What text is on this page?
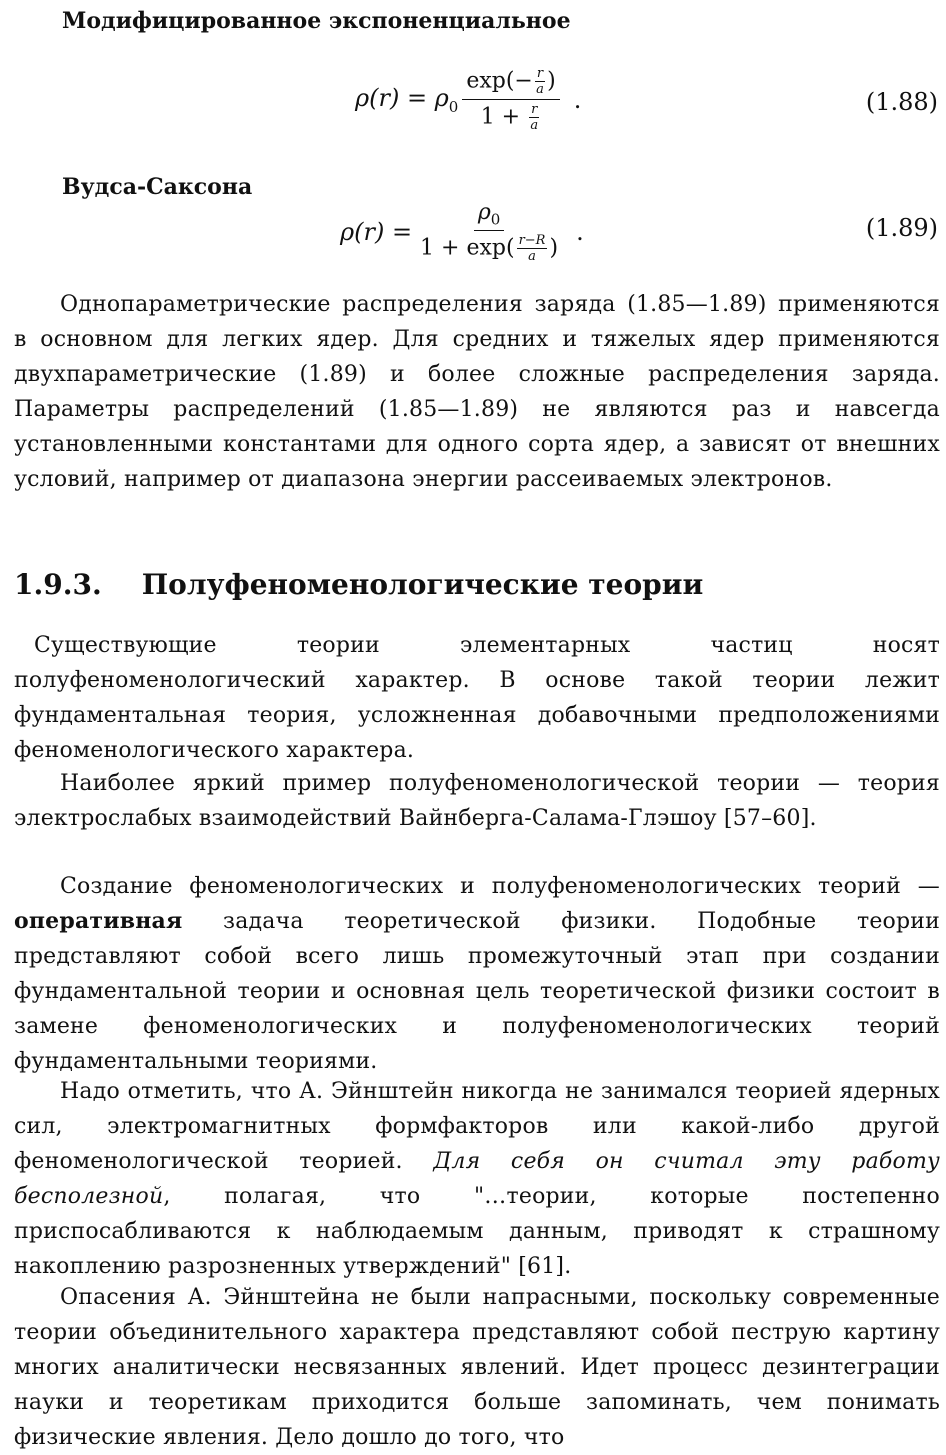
Модифицированное экспоненциальное
$\rho(r) = \rho_0 \frac{\exp(- \frac{r}{a} )}{1 + \frac{r}{a}}$ .	(1.88)
Вудса-Саксона
$\rho(r) = \frac{\rho_0}{1 + \exp( \frac{r-R}{a} )}$ .	(1.89)
Однопараметрические распределения заряда (1.85—1.89) применяются в основном для легких ядер. Для средних и тяжелых ядер применяются двухпараметрические (1.89) и более сложные распределения заряда. Параметры распределений (1.85—1.89) не являются раз и навсегда установленными константами для одного сорта ядер, а зависят от внешних условий, например от диапазона энергии рассеиваемых электронов.
1.9.3. Полуфеноменологические теории
Существующие теории элементарных частиц носят полуфеноменологический характер. В основе такой теории лежит фундаментальная теория, усложненная добавочными предположениями феноменологического характера.
Наиболее яркий пример полуфеноменологической теории — теория электрослабых взаимодействий Вайнберга-Салама-Глэшоу [57–60].
Создание феноменологических и полуфеноменологических теорий — оперативная задача теоретической физики. Подобные теории представляют собой всего лишь промежуточный этап при создании фундаментальной теории и основная цель теоретической физики состоит в замене феноменологических и полуфеноменологических теорий фундаментальными теориями.
Надо отметить, что А. Эйнштейн никогда не занимался теорией ядерных сил, электромагнитных формфакторов или какой-либо другой феноменологической теорией. Для себя он считал эту работу бесполезной, полагая, что "…теории, которые постепенно приспосабливаются к наблюдаемым данным, приводят к страшному накоплению разрозненных утверждений" [61].
Опасения А. Эйнштейна не были напрасными, поскольку современные теории объединительного характера представляют собой пеструю картину многих аналитически несвязанных явлений. Идет процесс дезинтеграции науки и теоретикам приходится больше запоминать, чем понимать физические явления. Дело дошло до того, что
